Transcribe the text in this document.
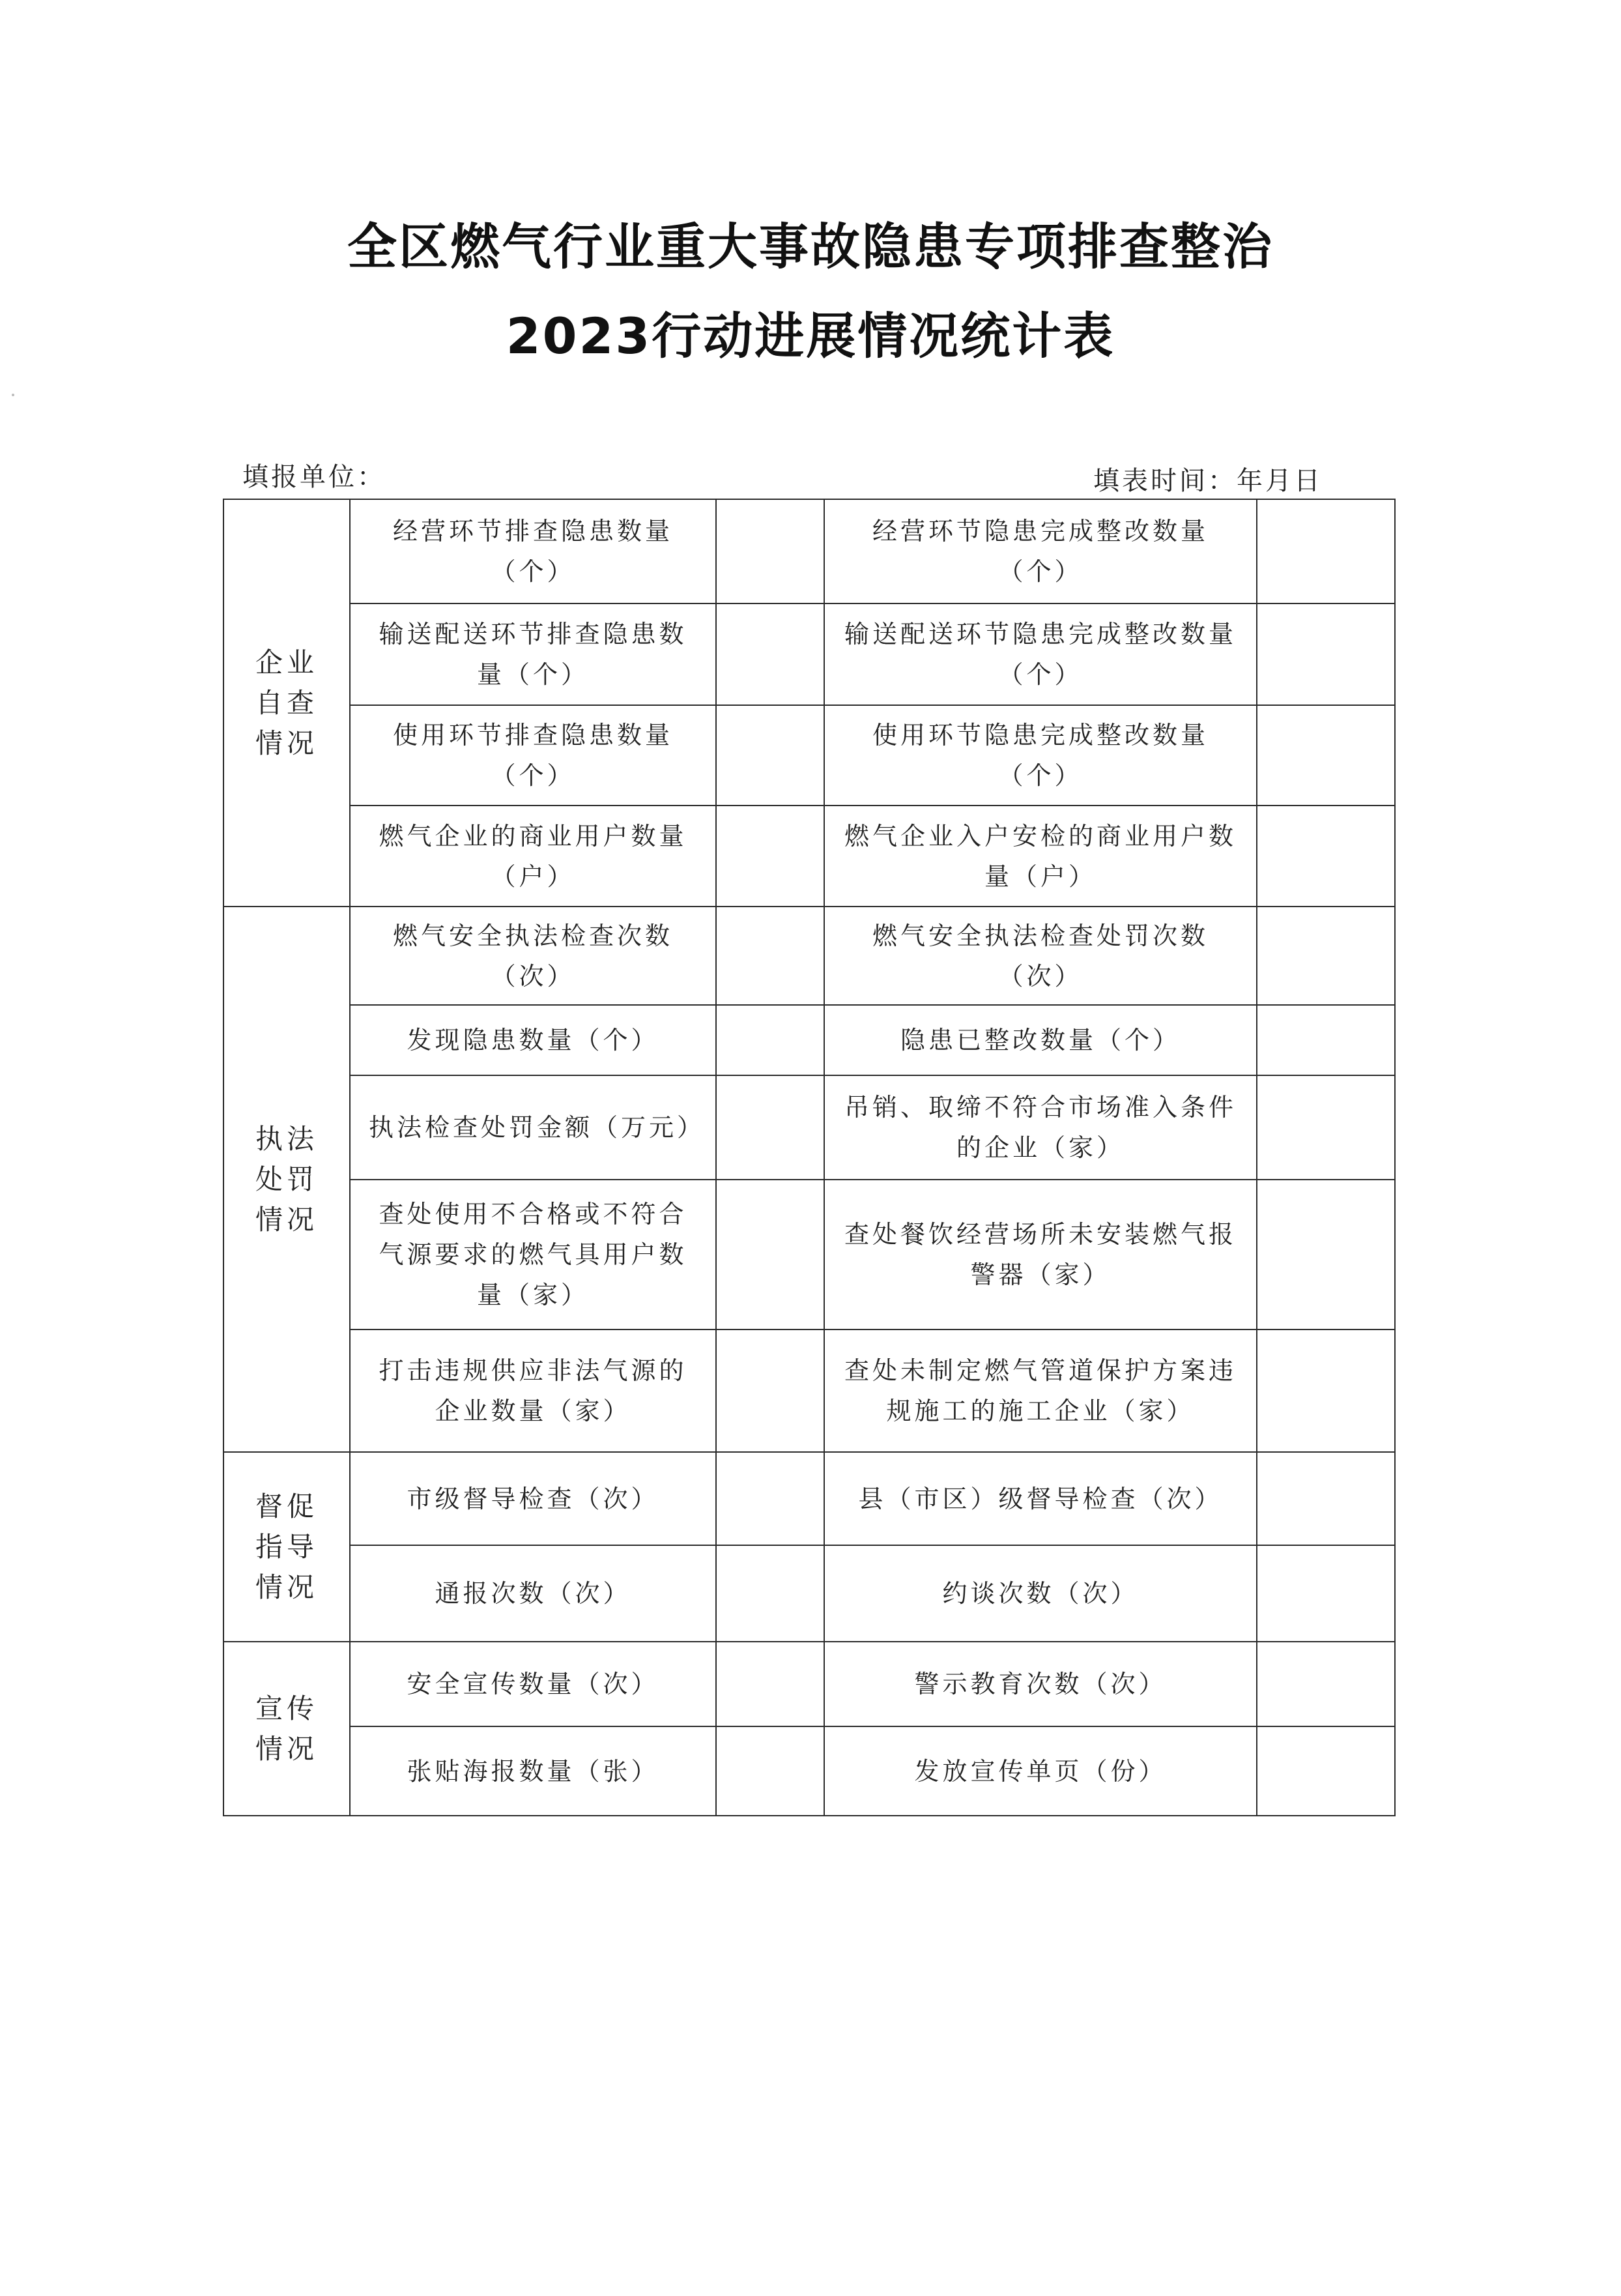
全区燃气行业重大事故隐患专项排查整治
2023行动进展情况统计表
填报单位：	填表时间：年月日
企业自查情况	经营环节排查隐患数量（个）		经营环节隐患完成整改数量（个）	
	输送配送环节排查隐患数量（个）		输送配送环节隐患完成整改数量（个）	
	使用环节排查隐患数量（个）		使用环节隐患完成整改数量（个）	
	燃气企业的商业用户数量（户）		燃气企业入户安检的商业用户数量（户）	
执法处罚情况	燃气安全执法检查次数（次）		燃气安全执法检查处罚次数（次）	
	发现隐患数量（个）		隐患已整改数量（个）	
	执法检查处罚金额（万元）		吊销、取缔不符合市场准入条件的企业（家）	
	查处使用不合格或不符合气源要求的燃气具用户数量（家）		查处餐饮经营场所未安装燃气报警器（家）	
	打击违规供应非法气源的企业数量（家）		查处未制定燃气管道保护方案违规施工的施工企业（家）	
督促指导情况	市级督导检查（次）		县（市区）级督导检查（次）	
	通报次数（次）		约谈次数（次）	
宣传情况	安全宣传数量（次）		警示教育次数（次）	
	张贴海报数量（张）		发放宣传单页（份）	
